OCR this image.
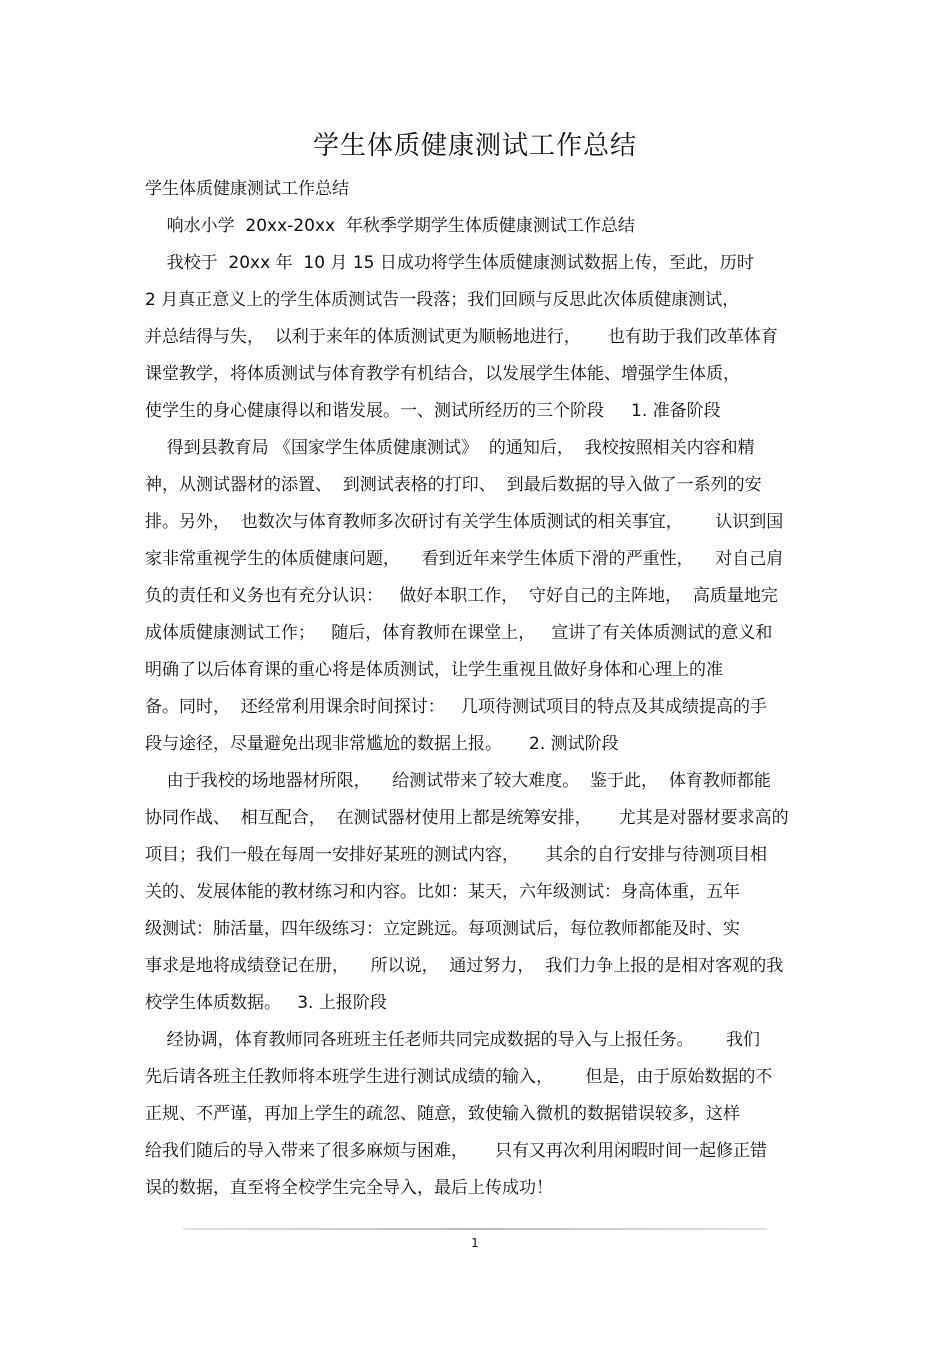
学生体质健康测试工作总结
学生体质健康测试工作总结
响水小学  20xx-20xx  年秋季学期学生体质健康测试工作总结
我校于  20xx 年  10 月 15 日成功将学生体质健康测试数据上传，至此，历时
2 月真正意义上的学生体质测试告一段落；我们回顾与反思此次体质健康测试，
并总结得与失，  以利于来年的体质测试更为顺畅地进行，     也有助于我们改革体育
课堂教学，将体质测试与体育教学有机结合，以发展学生体能、增强学生体质，
使学生的身心健康得以和谐发展。一、测试所经历的三个阶段     1. 准备阶段
得到县教育局 《国家学生体质健康测试》  的通知后，  我校按照相关内容和精
神，从测试器材的添置、  到测试表格的打印、  到最后数据的导入做了一系列的安
排。另外，  也数次与体育教师多次研讨有关学生体质测试的相关事宜，      认识到国
家非常重视学生的体质健康问题，    看到近年来学生体质下滑的严重性，    对自己肩
负的责任和义务也有充分认识：   做好本职工作，  守好自己的主阵地，  高质量地完
成体质健康测试工作；   随后，体育教师在课堂上，   宣讲了有关体质测试的意义和
明确了以后体育课的重心将是体质测试，让学生重视且做好身体和心理上的准
备。同时，  还经常利用课余时间探讨：   几项待测试项目的特点及其成绩提高的手
段与途径，尽量避免出现非常尴尬的数据上报。     2. 测试阶段
由于我校的场地器材所限，    给测试带来了较大难度。  鉴于此，  体育教师都能
协同作战、  相互配合，  在测试器材使用上都是统筹安排，     尤其是对器材要求高的
项目；我们一般在每周一安排好某班的测试内容，     其余的自行安排与待测项目相
关的、发展体能的教材练习和内容。比如：某天，六年级测试：身高体重，五年
级测试：肺活量，四年级练习：立定跳远。每项测试后，每位教师都能及时、实
事求是地将成绩登记在册，    所以说，  通过努力，  我们力争上报的是相对客观的我
校学生体质数据。   3. 上报阶段
经协调，体育教师同各班班主任老师共同完成数据的导入与上报任务。      我们
先后请各班主任教师将本班学生进行测试成绩的输入，      但是，由于原始数据的不
正规、不严谨，再加上学生的疏忽、随意，致使输入微机的数据错误较多，这样
给我们随后的导入带来了很多麻烦与困难，     只有又再次利用闲暇时间一起修正错
误的数据，直至将全校学生完全导入，最后上传成功！
1
